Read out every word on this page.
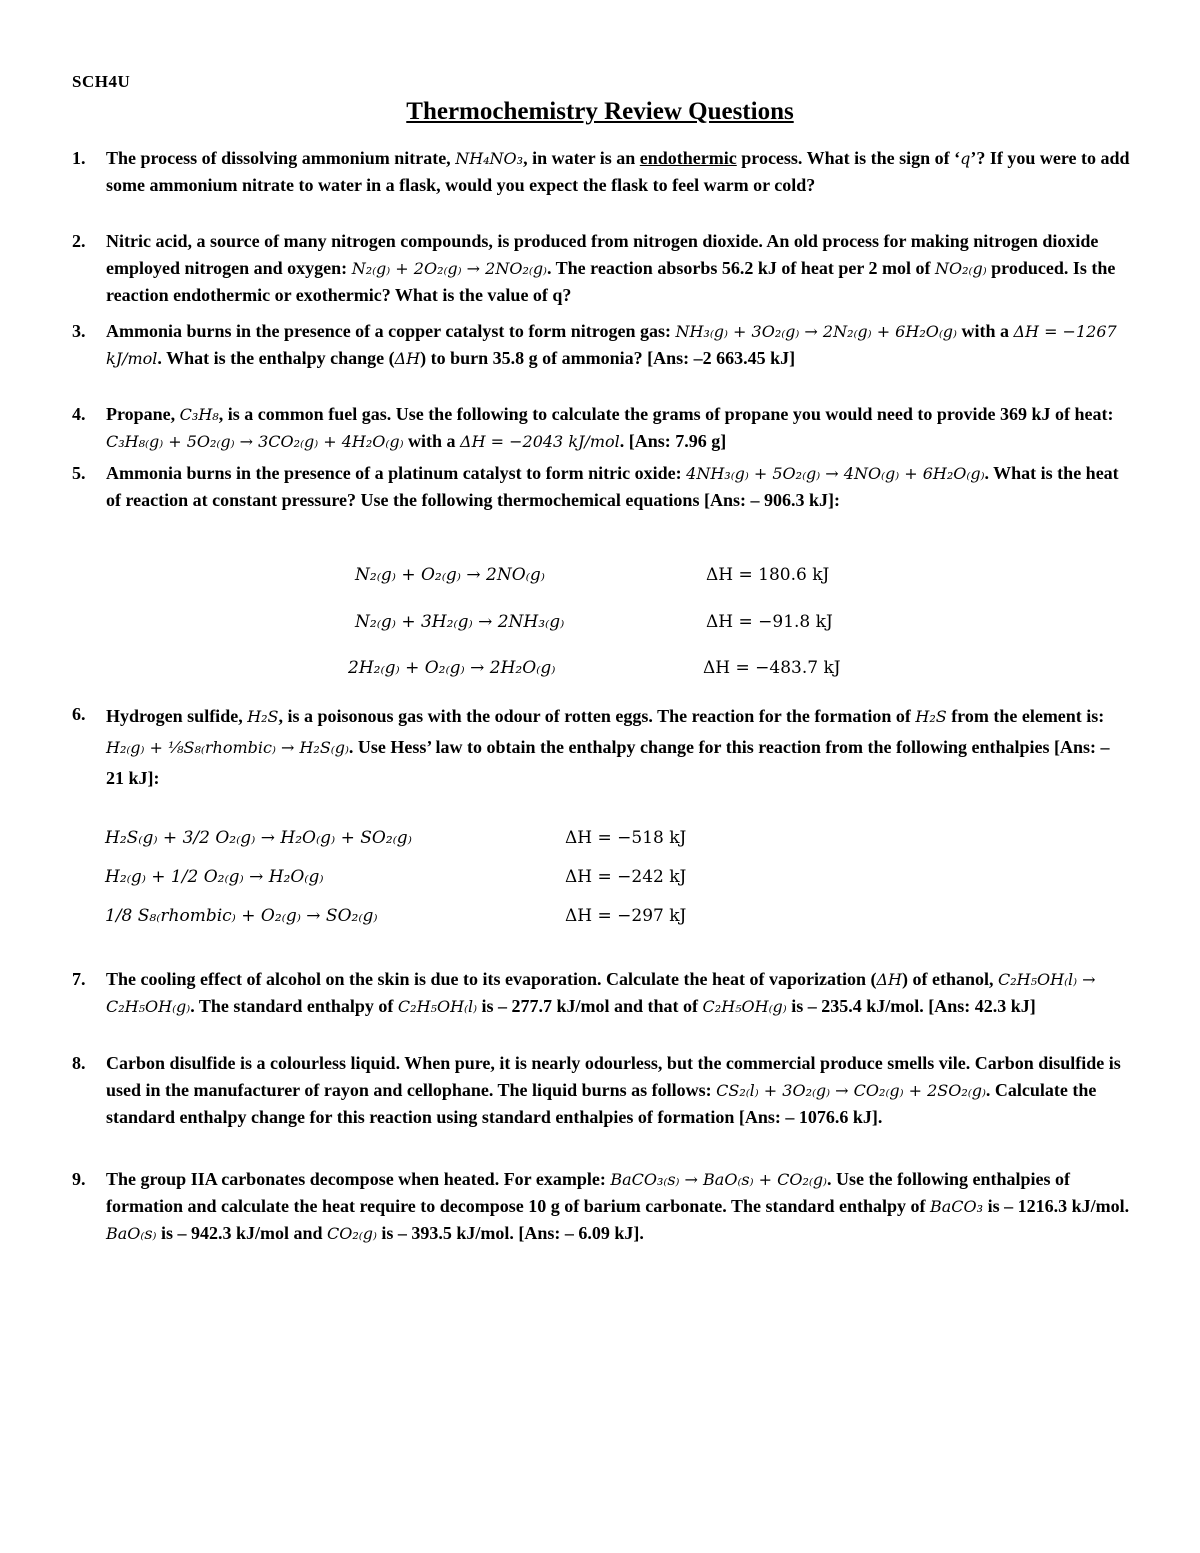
SCH4U
Thermochemistry Review Questions
1. The process of dissolving ammonium nitrate, NH₄NO₃, in water is an endothermic process. What is the sign of ‘q’? If you were to add some ammonium nitrate to water in a flask, would you expect the flask to feel warm or cold?
2. Nitric acid, a source of many nitrogen compounds, is produced from nitrogen dioxide. An old process for making nitrogen dioxide employed nitrogen and oxygen: N₂₍g₎ + 2O₂₍g₎ → 2NO₂₍g₎. The reaction absorbs 56.2 kJ of heat per 2 mol of NO₂₍g₎ produced. Is the reaction endothermic or exothermic? What is the value of q?
3. Ammonia burns in the presence of a copper catalyst to form nitrogen gas: NH₃₍g₎ + 3O₂₍g₎ → 2N₂₍g₎ + 6H₂O₍g₎ with a ΔH = −1267 kJ/mol. What is the enthalpy change (ΔH) to burn 35.8 g of ammonia? [Ans: –2 663.45 kJ]
4. Propane, C₃H₈, is a common fuel gas. Use the following to calculate the grams of propane you would need to provide 369 kJ of heat: C₃H₈₍g₎ + 5O₂₍g₎ → 3CO₂₍g₎ + 4H₂O₍g₎ with a ΔH = −2043 kJ/mol. [Ans: 7.96 g]
5. Ammonia burns in the presence of a platinum catalyst to form nitric oxide: 4NH₃₍g₎ + 5O₂₍g₎ → 4NO₍g₎ + 6H₂O₍g₎. What is the heat of reaction at constant pressure? Use the following thermochemical equations [Ans: – 906.3 kJ]:
N₂₍g₎ + O₂₍g₎ → 2NO₍g₎	ΔH = 180.6 kJ
N₂₍g₎ + 3H₂₍g₎ → 2NH₃₍g₎	ΔH = −91.8 kJ
2H₂₍g₎ + O₂₍g₎ → 2H₂O₍g₎	ΔH = −483.7 kJ
6. Hydrogen sulfide, H₂S, is a poisonous gas with the odour of rotten eggs. The reaction for the formation of H₂S from the element is: H₂₍g₎ + ⅛S₈₍rhombic₎ → H₂S₍g₎. Use Hess’ law to obtain the enthalpy change for this reaction from the following enthalpies [Ans: – 21 kJ]:
H₂S₍g₎ + 3/2 O₂₍g₎ → H₂O₍g₎ + SO₂₍g₎	ΔH = −518 kJ
H₂₍g₎ + 1/2 O₂₍g₎ → H₂O₍g₎	ΔH = −242 kJ
1/8 S₈₍rhombic₎ + O₂₍g₎ → SO₂₍g₎	ΔH = −297 kJ
7. The cooling effect of alcohol on the skin is due to its evaporation. Calculate the heat of vaporization (ΔH) of ethanol, C₂H₅OH₍l₎ → C₂H₅OH₍g₎. The standard enthalpy of C₂H₅OH₍l₎ is – 277.7 kJ/mol and that of C₂H₅OH₍g₎ is – 235.4 kJ/mol. [Ans: 42.3 kJ]
8. Carbon disulfide is a colourless liquid. When pure, it is nearly odourless, but the commercial produce smells vile. Carbon disulfide is used in the manufacturer of rayon and cellophane. The liquid burns as follows: CS₂₍l₎ + 3O₂₍g₎ → CO₂₍g₎ + 2SO₂₍g₎. Calculate the standard enthalpy change for this reaction using standard enthalpies of formation [Ans: – 1076.6 kJ].
9. The group IIA carbonates decompose when heated. For example: BaCO₃₍s₎ → BaO₍s₎ + CO₂₍g₎. Use the following enthalpies of formation and calculate the heat require to decompose 10 g of barium carbonate. The standard enthalpy of BaCO₃ is – 1216.3 kJ/mol. BaO₍s₎ is – 942.3 kJ/mol and CO₂₍g₎ is – 393.5 kJ/mol. [Ans: – 6.09 kJ].
